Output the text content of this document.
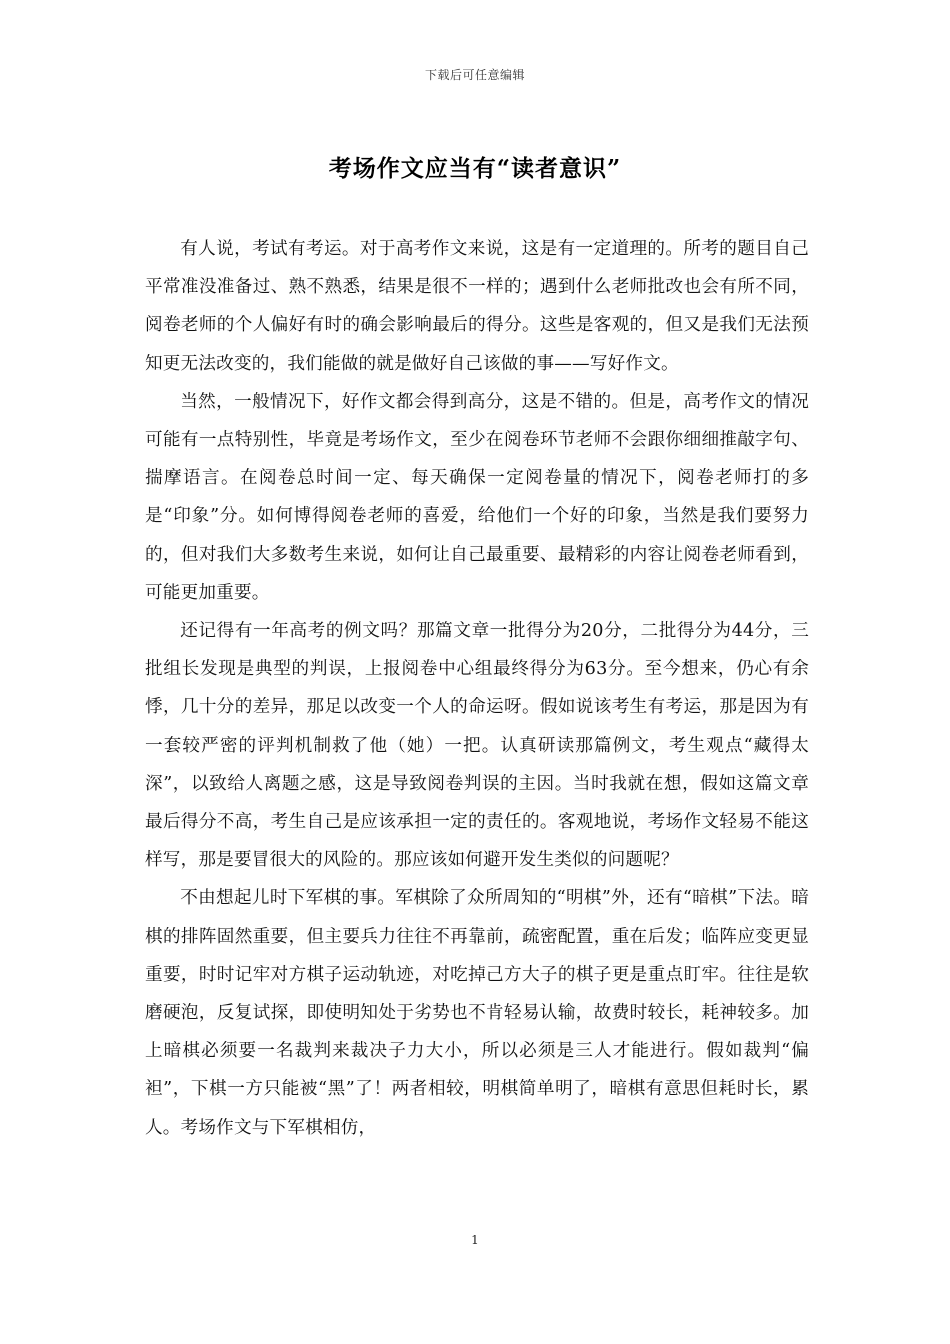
下载后可任意编辑
考场作文应当有“读者意识”

有人说，考试有考运。对于高考作文来说，这是有一定道理的。所考的题目自己平常准没准备过、熟不熟悉，结果是很不一样的；遇到什么老师批改也会有所不同，阅卷老师的个人偏好有时的确会影响最后的得分。这些是客观的，但又是我们无法预知更无法改变的，我们能做的就是做好自己该做的事——写好作文。

当然，一般情况下，好作文都会得到高分，这是不错的。但是，高考作文的情况可能有一点特别性，毕竟是考场作文，至少在阅卷环节老师不会跟你细细推敲字句、揣摩语言。在阅卷总时间一定、每天确保一定阅卷量的情况下，阅卷老师打的多是“印象”分。如何博得阅卷老师的喜爱，给他们一个好的印象，当然是我们要努力的，但对我们大多数考生来说，如何让自己最重要、最精彩的内容让阅卷老师看到，可能更加重要。

还记得有一年高考的例文吗？那篇文章一批得分为20分，二批得分为44分，三批组长发现是典型的判误，上报阅卷中心组最终得分为63分。至今想来，仍心有余悸，几十分的差异，那足以改变一个人的命运呀。假如说该考生有考运，那是因为有一套较严密的评判机制救了他（她）一把。认真研读那篇例文，考生观点“藏得太深”，以致给人离题之感，这是导致阅卷判误的主因。当时我就在想，假如这篇文章最后得分不高，考生自己是应该承担一定的责任的。客观地说，考场作文轻易不能这样写，那是要冒很大的风险的。那应该如何避开发生类似的问题呢？

不由想起儿时下军棋的事。军棋除了众所周知的“明棋”外，还有“暗棋”下法。暗棋的排阵固然重要，但主要兵力往往不再靠前，疏密配置，重在后发；临阵应变更显重要，时时记牢对方棋子运动轨迹，对吃掉己方大子的棋子更是重点盯牢。往往是软磨硬泡，反复试探，即使明知处于劣势也不肯轻易认输，故费时较长，耗神较多。加上暗棋必须要一名裁判来裁决子力大小，所以必须是三人才能进行。假如裁判“偏袒”，下棋一方只能被“黑”了！两者相较，明棋简单明了，暗棋有意思但耗时长，累人。考场作文与下军棋相仿，

1
